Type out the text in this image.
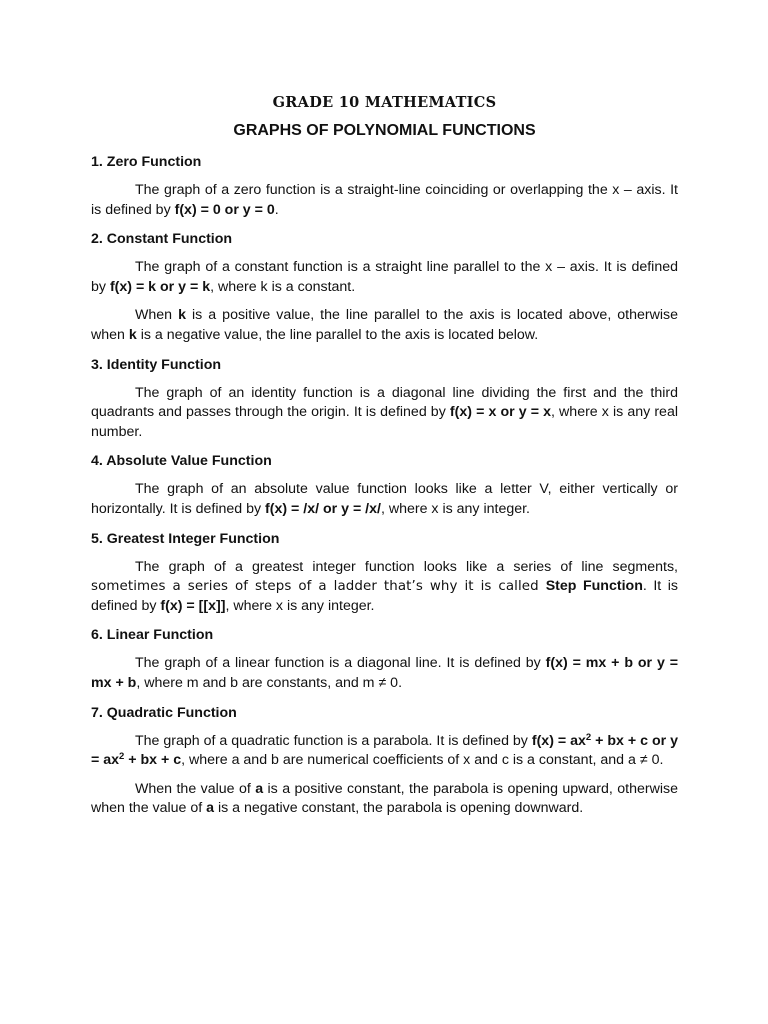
GRADE 10 MATHEMATICS
GRAPHS OF POLYNOMIAL FUNCTIONS
1. Zero Function

The graph of a zero function is a straight-line coinciding or overlapping the x – axis. It is defined by f(x) = 0 or y = 0.

2. Constant Function

The graph of a constant function is a straight line parallel to the x – axis. It is defined by f(x) = k or y = k, where k is a constant.

When k is a positive value, the line parallel to the axis is located above, otherwise when k is a negative value, the line parallel to the axis is located below.

3. Identity Function

The graph of an identity function is a diagonal line dividing the first and the third quadrants and passes through the origin. It is defined by f(x) = x or y = x, where x is any real number.

4. Absolute Value Function

The graph of an absolute value function looks like a letter V, either vertically or horizontally. It is defined by f(x) = /x/ or y = /x/, where x is any integer.

5. Greatest Integer Function

The graph of a greatest integer function looks like a series of line segments, sometimes a series of steps of a ladder that’s why it is called Step Function. It is defined by f(x) = [[x]], where x is any integer.

6. Linear Function

The graph of a linear function is a diagonal line. It is defined by f(x) = mx + b or y = mx + b, where m and b are constants, and m ≠ 0.

7. Quadratic Function

The graph of a quadratic function is a parabola. It is defined by $f(x) = ax^2$ + bx + c or $y = ax^2$ + bx + c, where a and b are numerical coefficients of x and c is a constant, and a ≠ 0.

When the value of a is a positive constant, the parabola is opening upward, otherwise when the value of a is a negative constant, the parabola is opening downward.
